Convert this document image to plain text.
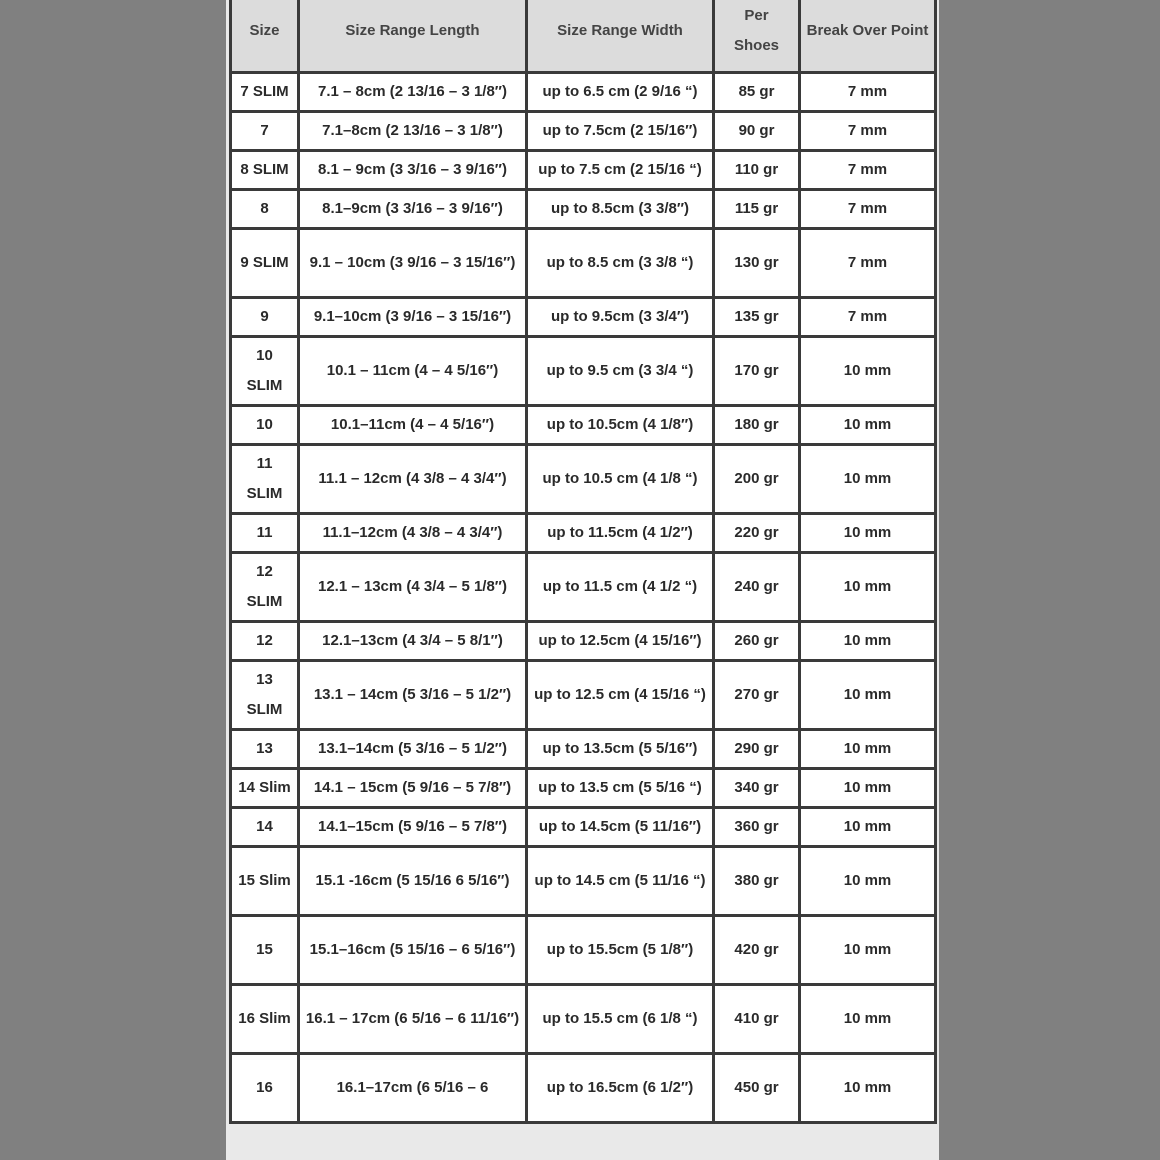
Size	Size Range Length	Size Range Width	Per Shoes	Break Over Point
7 SLIM	7.1 – 8cm (2 13/16 – 3 1/8″)	up to 6.5 cm (2 9/16 “)	85 gr	7 mm
7	7.1–8cm (2 13/16 – 3 1/8″)	up to 7.5cm (2 15/16″)	90 gr	7 mm
8 SLIM	8.1 – 9cm (3 3/16 – 3 9/16″)	up to 7.5 cm (2 15/16 “)	110 gr	7 mm
8	8.1–9cm (3 3/16 – 3 9/16″)	up to 8.5cm (3 3/8″)	115 gr	7 mm
9 SLIM	9.1 – 10cm (3 9/16 – 3 15/16″)	up to 8.5 cm (3 3/8 “)	130 gr	7 mm
9	9.1–10cm (3 9/16 – 3 15/16″)	up to 9.5cm (3 3/4″)	135 gr	7 mm
10 SLIM	10.1 – 11cm (4 – 4 5/16″)	up to 9.5 cm (3 3/4 “)	170 gr	10 mm
10	10.1–11cm (4 – 4 5/16″)	up to 10.5cm (4 1/8″)	180 gr	10 mm
11 SLIM	11.1 – 12cm (4 3/8 – 4 3/4″)	up to 10.5 cm (4 1/8 “)	200 gr	10 mm
11	11.1–12cm (4 3/8 – 4 3/4″)	up to 11.5cm (4 1/2″)	220 gr	10 mm
12 SLIM	12.1 – 13cm (4 3/4 – 5 1/8″)	up to 11.5 cm (4 1/2 “)	240 gr	10 mm
12	12.1–13cm (4 3/4 – 5 8/1″)	up to 12.5cm (4 15/16″)	260 gr	10 mm
13 SLIM	13.1 – 14cm (5 3/16 – 5 1/2″)	up to 12.5 cm (4 15/16 “)	270 gr	10 mm
13	13.1–14cm (5 3/16 – 5 1/2″)	up to 13.5cm (5 5/16″)	290 gr	10 mm
14 Slim	14.1 – 15cm (5 9/16 – 5 7/8″)	up to 13.5 cm (5 5/16 “)	340 gr	10 mm
14	14.1–15cm (5 9/16 – 5 7/8″)	up to 14.5cm (5 11/16″)	360 gr	10 mm
15 Slim	15.1 -16cm (5 15/16 6 5/16″)	up to 14.5 cm (5 11/16 “)	380 gr	10 mm
15	15.1–16cm (5 15/16 – 6 5/16″)	up to 15.5cm (5 1/8″)	420 gr	10 mm
16 Slim	16.1 – 17cm (6 5/16 – 6 11/16″)	up to 15.5 cm (6 1/8 “)	410 gr	10 mm
16	16.1–17cm (6 5/16 – 6	up to 16.5cm (6 1/2″)	450 gr	10 mm
